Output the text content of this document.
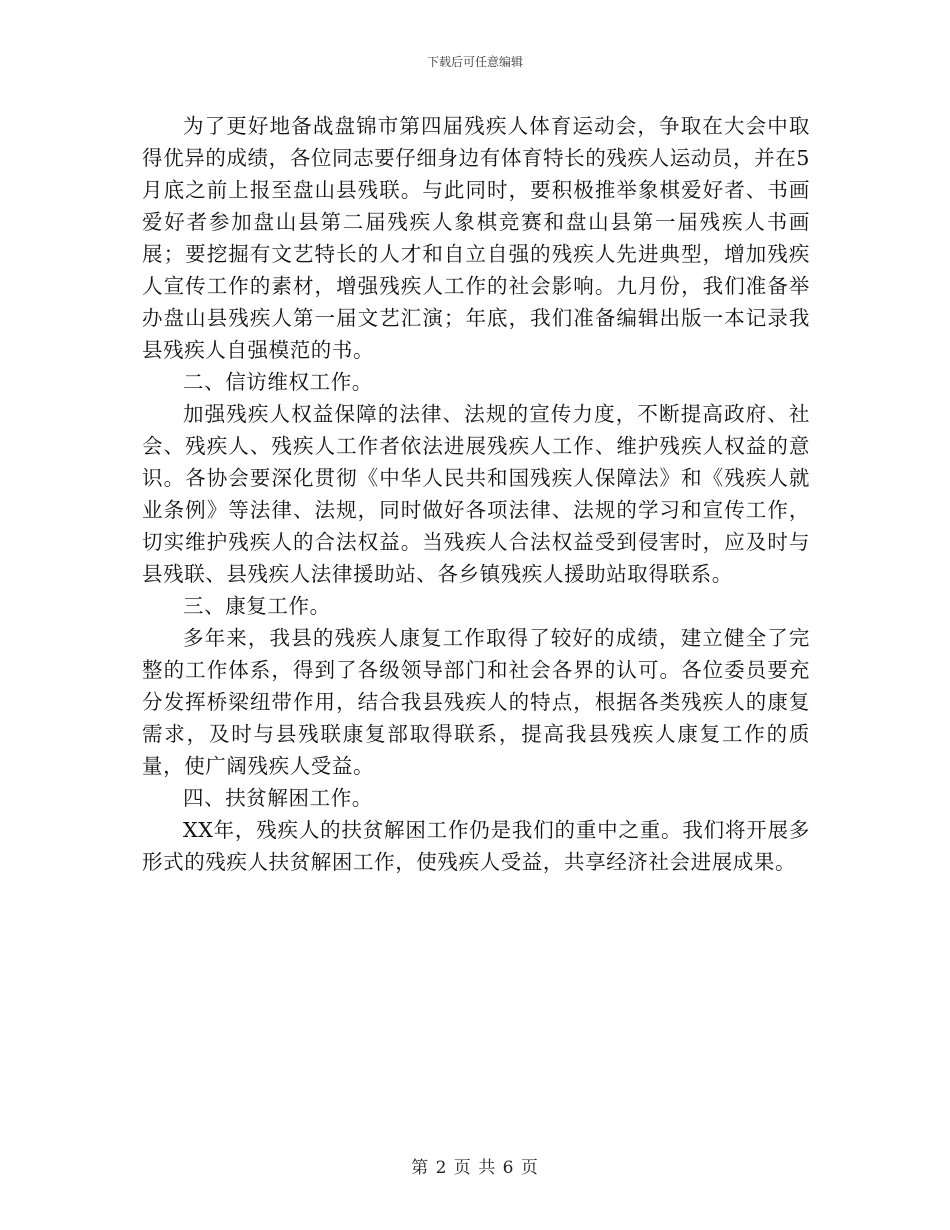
下载后可任意编辑

为了更好地备战盘锦市第四届残疾人体育运动会，争取在大会中取得优异的成绩，各位同志要仔细身边有体育特长的残疾人运动员，并在5月底之前上报至盘山县残联。与此同时，要积极推举象棋爱好者、书画爱好者参加盘山县第二届残疾人象棋竞赛和盘山县第一届残疾人书画展；要挖掘有文艺特长的人才和自立自强的残疾人先进典型，增加残疾人宣传工作的素材，增强残疾人工作的社会影响。九月份，我们准备举办盘山县残疾人第一届文艺汇演；年底，我们准备编辑出版一本记录我县残疾人自强模范的书。

二、信访维权工作。

加强残疾人权益保障的法律、法规的宣传力度，不断提高政府、社会、残疾人、残疾人工作者依法进展残疾人工作、维护残疾人权益的意识。各协会要深化贯彻《中华人民共和国残疾人保障法》和《残疾人就业条例》等法律、法规，同时做好各项法律、法规的学习和宣传工作，切实维护残疾人的合法权益。当残疾人合法权益受到侵害时，应及时与县残联、县残疾人法律援助站、各乡镇残疾人援助站取得联系。

三、康复工作。

多年来，我县的残疾人康复工作取得了较好的成绩，建立健全了完整的工作体系，得到了各级领导部门和社会各界的认可。各位委员要充分发挥桥梁纽带作用，结合我县残疾人的特点，根据各类残疾人的康复需求，及时与县残联康复部取得联系，提高我县残疾人康复工作的质量，使广阔残疾人受益。

四、扶贫解困工作。

XX年，残疾人的扶贫解困工作仍是我们的重中之重。我们将开展多形式的残疾人扶贫解困工作，使残疾人受益，共享经济社会进展成果。

第 2 页 共 6 页
